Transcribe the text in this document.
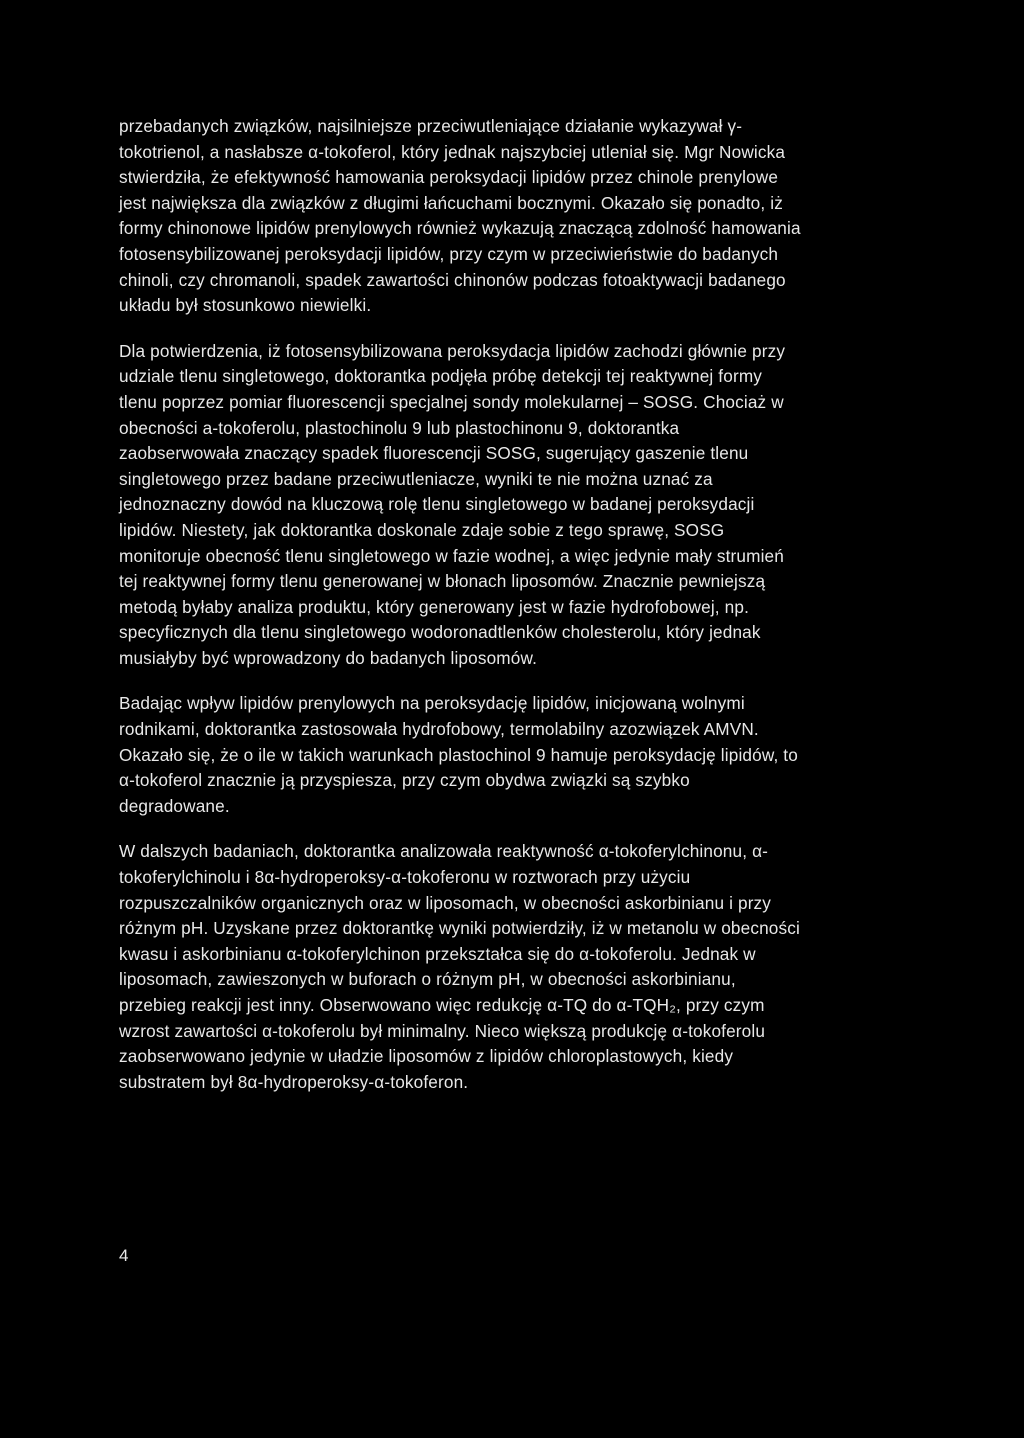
przebadanych związków, najsilniejsze przeciwutleniające działanie wykazywał γ-
tokotrienol, a nasłabsze α-tokoferol, który jednak najszybciej utleniał się. Mgr Nowicka
stwierdziła, że efektywność hamowania peroksydacji lipidów przez chinole prenylowe
jest największa dla związków z długimi łańcuchami bocznymi. Okazało się ponadto, iż
formy chinonowe lipidów prenylowych również wykazują znaczącą zdolność hamowania
fotosensybilizowanej peroksydacji lipidów, przy czym w przeciwieństwie do badanych
chinoli, czy chromanoli, spadek zawartości chinonów podczas fotoaktywacji badanego
układu był stosunkowo niewielki.

Dla potwierdzenia, iż fotosensybilizowana peroksydacja lipidów zachodzi głównie przy
udziale tlenu singletowego, doktorantka podjęła próbę detekcji tej reaktywnej formy
tlenu poprzez pomiar fluorescencji specjalnej sondy molekularnej – SOSG. Chociaż w
obecności a-tokoferolu, plastochinolu 9 lub plastochinonu 9, doktorantka
zaobserwowała znaczący spadek fluorescencji SOSG, sugerujący gaszenie tlenu
singletowego przez badane przeciwutleniacze, wyniki te nie można uznać za
jednoznaczny dowód na kluczową rolę tlenu singletowego w badanej peroksydacji
lipidów. Niestety, jak doktorantka doskonale zdaje sobie z tego sprawę, SOSG
monitoruje obecność tlenu singletowego w fazie wodnej, a więc jedynie mały strumień
tej reaktywnej formy tlenu generowanej w błonach liposomów. Znacznie pewniejszą
metodą byłaby analiza produktu, który generowany jest w fazie hydrofobowej, np.
specyficznych dla tlenu singletowego wodoronadtlenków cholesterolu, który jednak
musiałyby być wprowadzony do badanych liposomów.

Badając wpływ lipidów prenylowych na peroksydację lipidów, inicjowaną wolnymi
rodnikami, doktorantka zastosowała hydrofobowy, termolabilny azozwiązek AMVN.
Okazało się, że o ile w takich warunkach plastochinol 9 hamuje peroksydację lipidów, to
α-tokoferol znacznie ją przyspiesza, przy czym obydwa związki są szybko
degradowane.

W dalszych badaniach, doktorantka analizowała reaktywność α-tokoferylchinonu, α-
tokoferylchinolu i 8α-hydroperoksy-α-tokoferonu w roztworach przy użyciu
rozpuszczalników organicznych oraz w liposomach, w obecności askorbinianu i przy
różnym pH. Uzyskane przez doktorantkę wyniki potwierdziły, iż w metanolu w obecności
kwasu i askorbinianu α-tokoferylchinon przekształca się do α-tokoferolu. Jednak w
liposomach, zawieszonych w buforach o różnym pH, w obecności askorbinianu,
przebieg reakcji jest inny. Obserwowano więc redukcję α-TQ do α-TQH₂, przy czym
wzrost zawartości α-tokoferolu był minimalny. Nieco większą produkcję α-tokoferolu
zaobserwowano jedynie w uładzie liposomów z lipidów chloroplastowych, kiedy
substratem był 8α-hydroperoksy-α-tokoferon.

4
